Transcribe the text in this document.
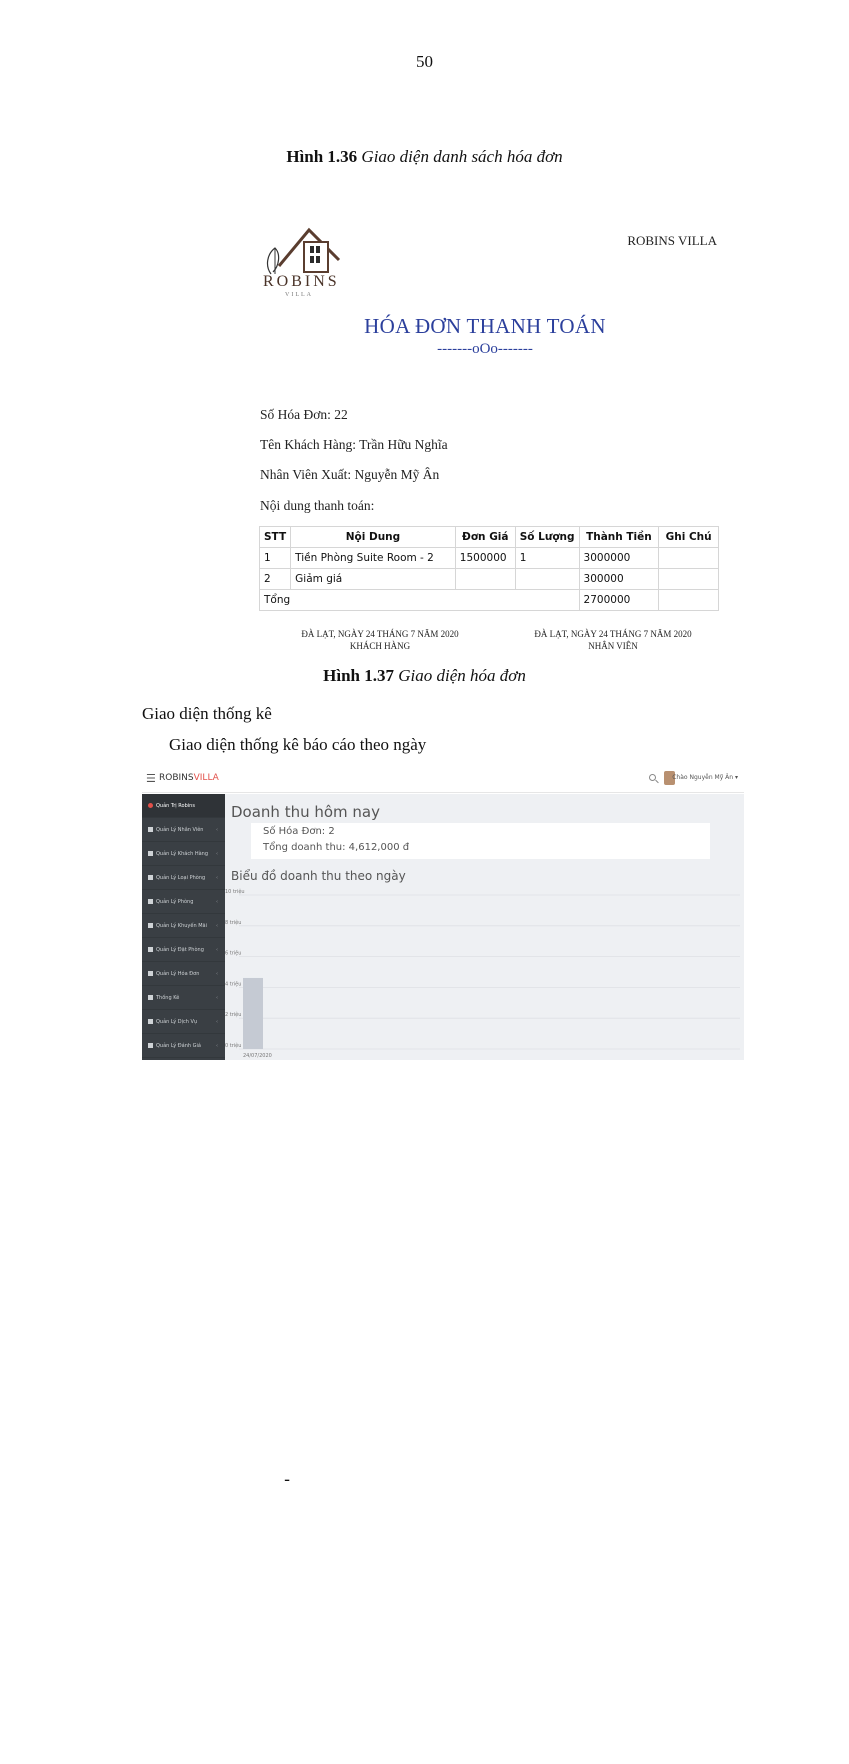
50
Hình 1.36 Giao diện danh sách hóa đơn
ROBINS
VILLA
ROBINS VILLA
HÓA ĐƠN THANH TOÁN
-------oOo-------
Số Hóa Đơn: 22
Tên Khách Hàng: Trần Hữu Nghĩa
Nhân Viên Xuất: Nguyễn Mỹ Ân
Nội dung thanh toán:
STT	Nội Dung	Đơn Giá	Số Lượng	Thành Tiền	Ghi Chú
1	Tiền Phòng Suite Room - 2	1500000	1	3000000	
2	Giảm giá			300000	
Tổng				2700000	
ĐÀ LẠT, NGÀY 24 THÁNG 7 NĂM 2020
KHÁCH HÀNG
ĐÀ LẠT, NGÀY 24 THÁNG 7 NĂM 2020
NHÂN VIÊN
Hình 1.37 Giao diện hóa đơn
-
Giao diện thống kê
Giao diện thống kê báo cáo theo ngày
☰ ROBINSVILLA	Chào Nguyễn Mỹ Ân ▾
Quản Trị Robins
Quản Lý Nhân Viên	‹
Quản Lý Khách Hàng ‹
Quản Lý Loại Phòng ‹
Quản Lý Phòng	‹
Quản Lý Khuyến Mãi ‹
Quản Lý Đặt Phòng ‹
Quản Lý Hóa Đơn	‹
Thống Kê	‹
Quản Lý Dịch Vụ	‹
Quản Lý Đánh Giá	‹
Doanh thu hôm nay
Số Hóa Đơn: 2
Tổng doanh thu: 4,612,000 đ
Biểu đồ doanh thu theo ngày
10 triệu
8 triệu
6 triệu
4 triệu
2 triệu
0 triệu
24/07/2020
